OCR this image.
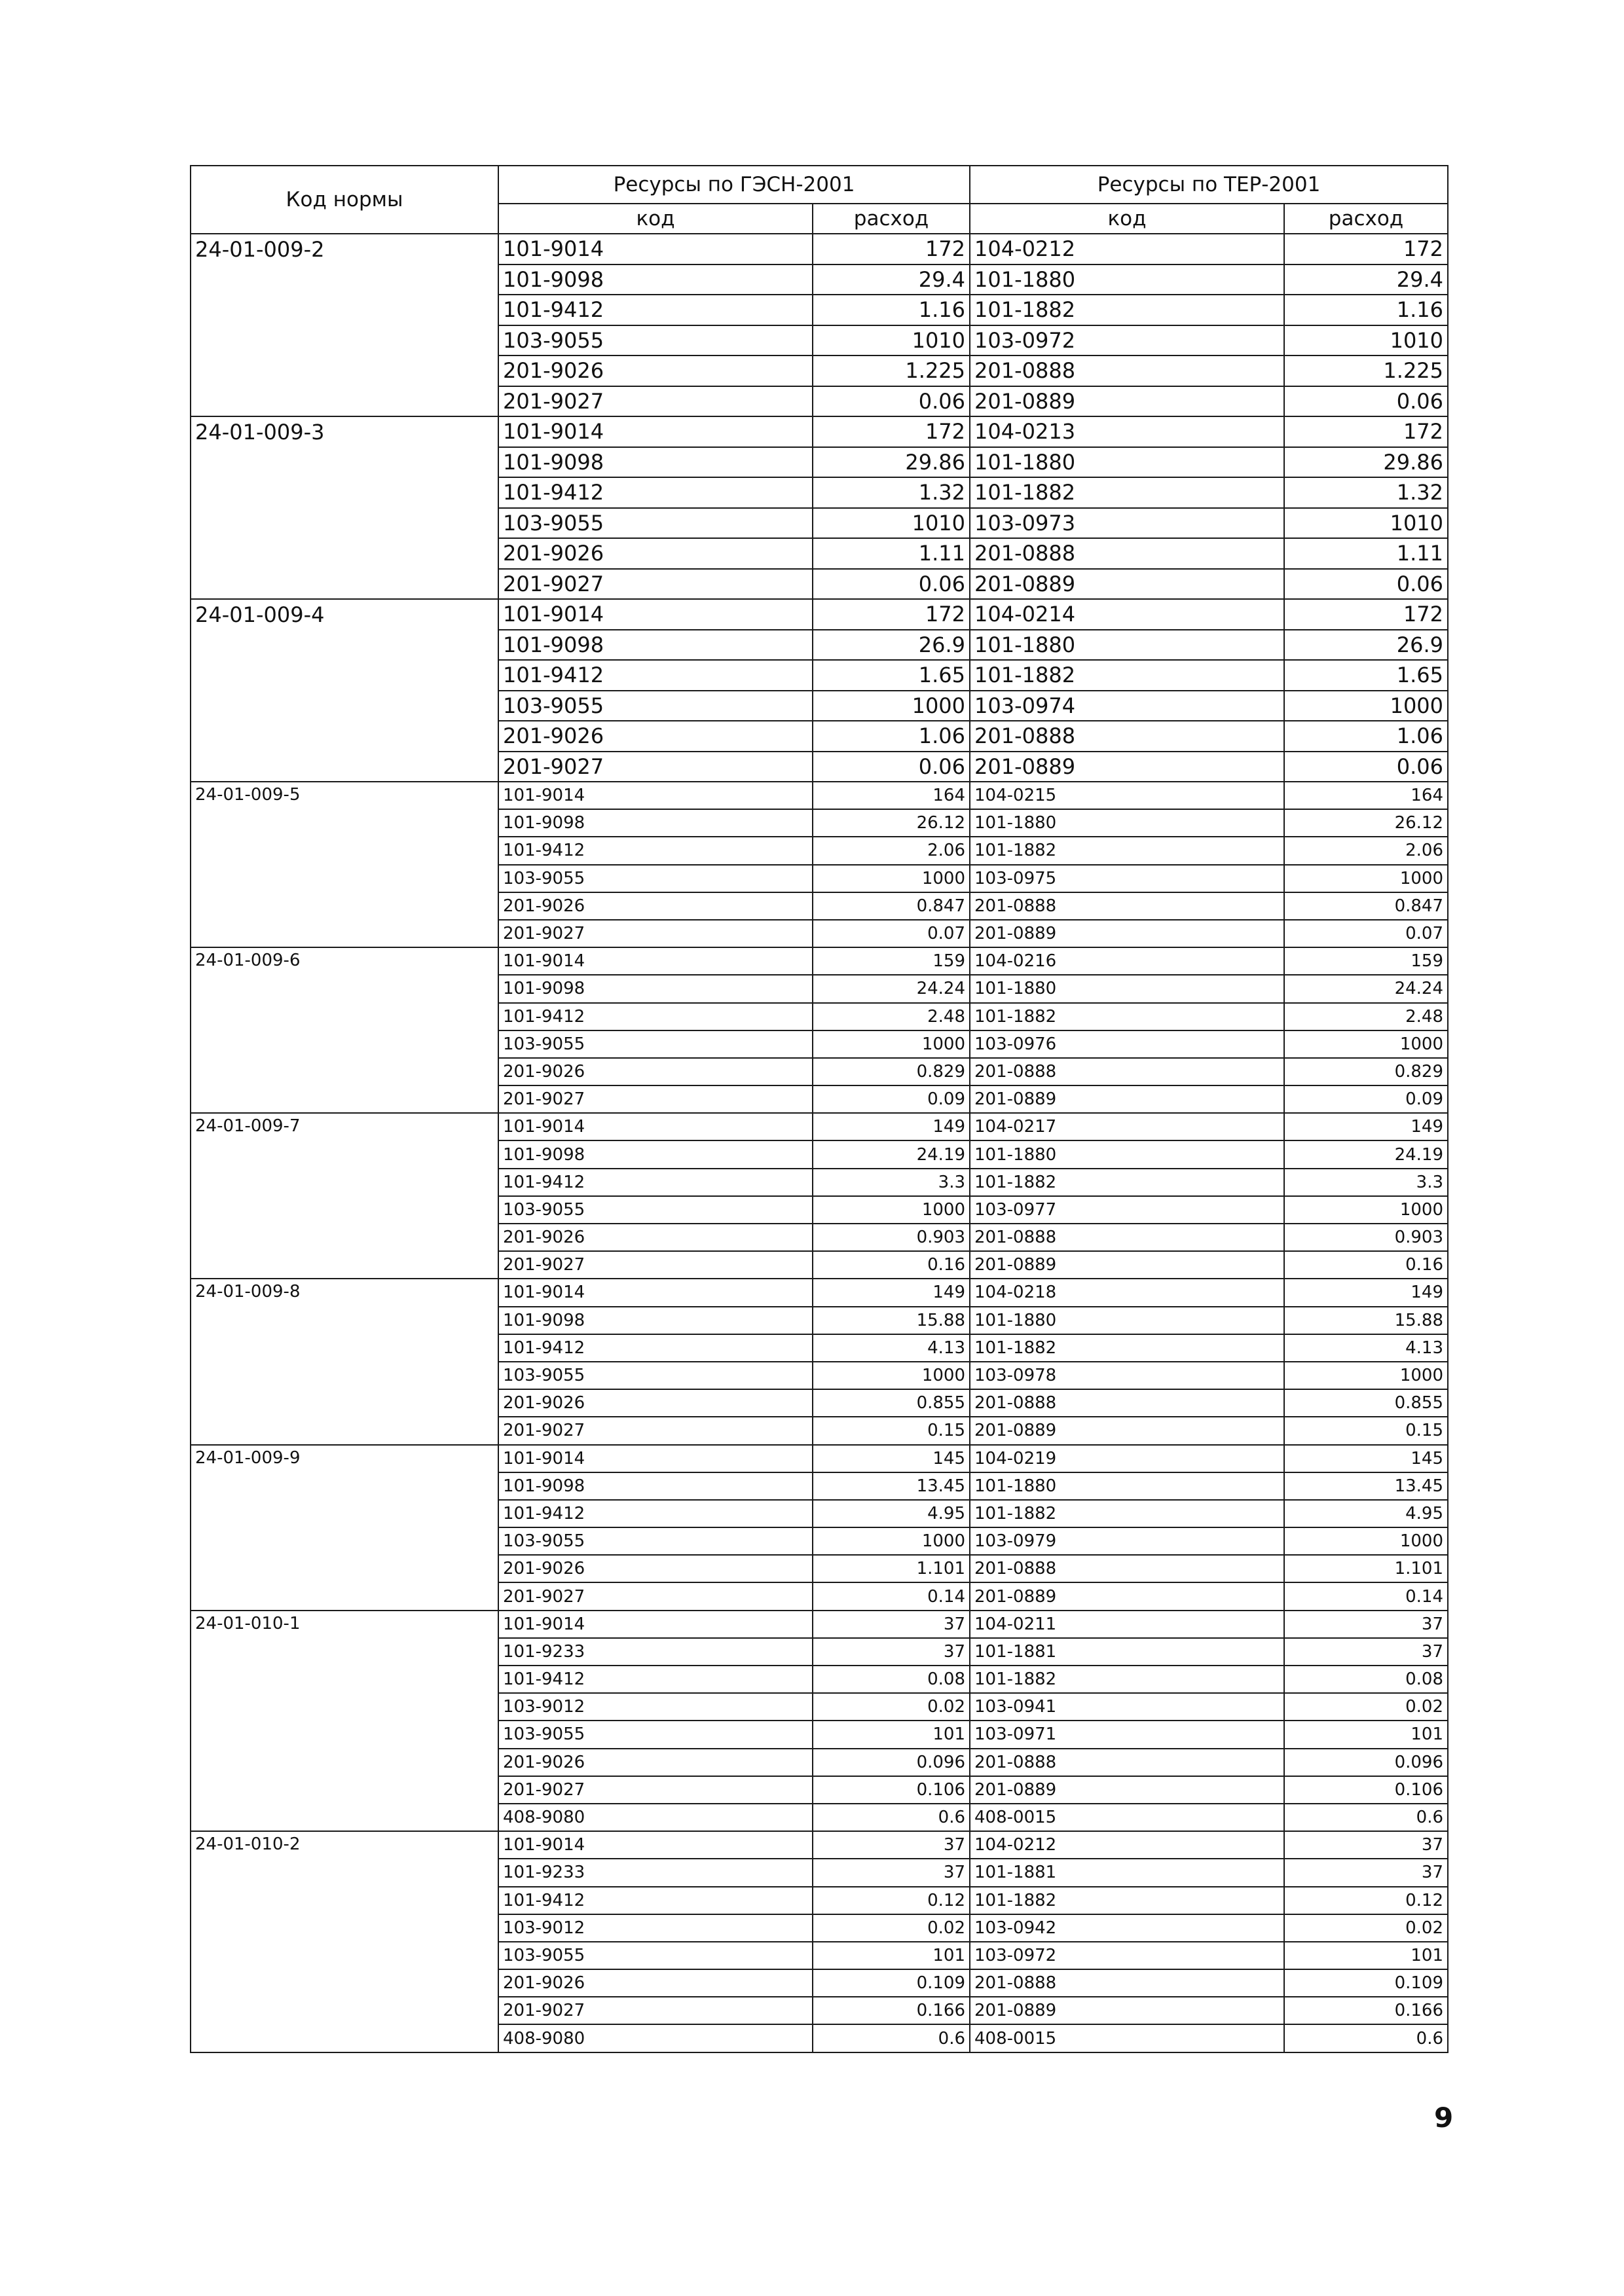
Код нормы	Ресурсы по ГЭСН-2001		Ресурсы по ТЕР-2001	
	код	расход	код	расход
24-01-009-2	101-9014	172	104-0212	172
	101-9098	29.4	101-1880	29.4
	101-9412	1.16	101-1882	1.16
	103-9055	1010	103-0972	1010
	201-9026	1.225	201-0888	1.225
	201-9027	0.06	201-0889	0.06
24-01-009-3	101-9014	172	104-0213	172
	101-9098	29.86	101-1880	29.86
	101-9412	1.32	101-1882	1.32
	103-9055	1010	103-0973	1010
	201-9026	1.11	201-0888	1.11
	201-9027	0.06	201-0889	0.06
24-01-009-4	101-9014	172	104-0214	172
	101-9098	26.9	101-1880	26.9
	101-9412	1.65	101-1882	1.65
	103-9055	1000	103-0974	1000
	201-9026	1.06	201-0888	1.06
	201-9027	0.06	201-0889	0.06
24-01-009-5	101-9014	164	104-0215	164
	101-9098	26.12	101-1880	26.12
	101-9412	2.06	101-1882	2.06
	103-9055	1000	103-0975	1000
	201-9026	0.847	201-0888	0.847
	201-9027	0.07	201-0889	0.07
24-01-009-6	101-9014	159	104-0216	159
	101-9098	24.24	101-1880	24.24
	101-9412	2.48	101-1882	2.48
	103-9055	1000	103-0976	1000
	201-9026	0.829	201-0888	0.829
	201-9027	0.09	201-0889	0.09
24-01-009-7	101-9014	149	104-0217	149
	101-9098	24.19	101-1880	24.19
	101-9412	3.3	101-1882	3.3
	103-9055	1000	103-0977	1000
	201-9026	0.903	201-0888	0.903
	201-9027	0.16	201-0889	0.16
24-01-009-8	101-9014	149	104-0218	149
	101-9098	15.88	101-1880	15.88
	101-9412	4.13	101-1882	4.13
	103-9055	1000	103-0978	1000
	201-9026	0.855	201-0888	0.855
	201-9027	0.15	201-0889	0.15
24-01-009-9	101-9014	145	104-0219	145
	101-9098	13.45	101-1880	13.45
	101-9412	4.95	101-1882	4.95
	103-9055	1000	103-0979	1000
	201-9026	1.101	201-0888	1.101
	201-9027	0.14	201-0889	0.14
24-01-010-1	101-9014	37	104-0211	37
	101-9233	37	101-1881	37
	101-9412	0.08	101-1882	0.08
	103-9012	0.02	103-0941	0.02
	103-9055	101	103-0971	101
	201-9026	0.096	201-0888	0.096
	201-9027	0.106	201-0889	0.106
	408-9080	0.6	408-0015	0.6
24-01-010-2	101-9014	37	104-0212	37
	101-9233	37	101-1881	37
	101-9412	0.12	101-1882	0.12
	103-9012	0.02	103-0942	0.02
	103-9055	101	103-0972	101
	201-9026	0.109	201-0888	0.109
	201-9027	0.166	201-0889	0.166
	408-9080	0.6	408-0015	0.6
9
